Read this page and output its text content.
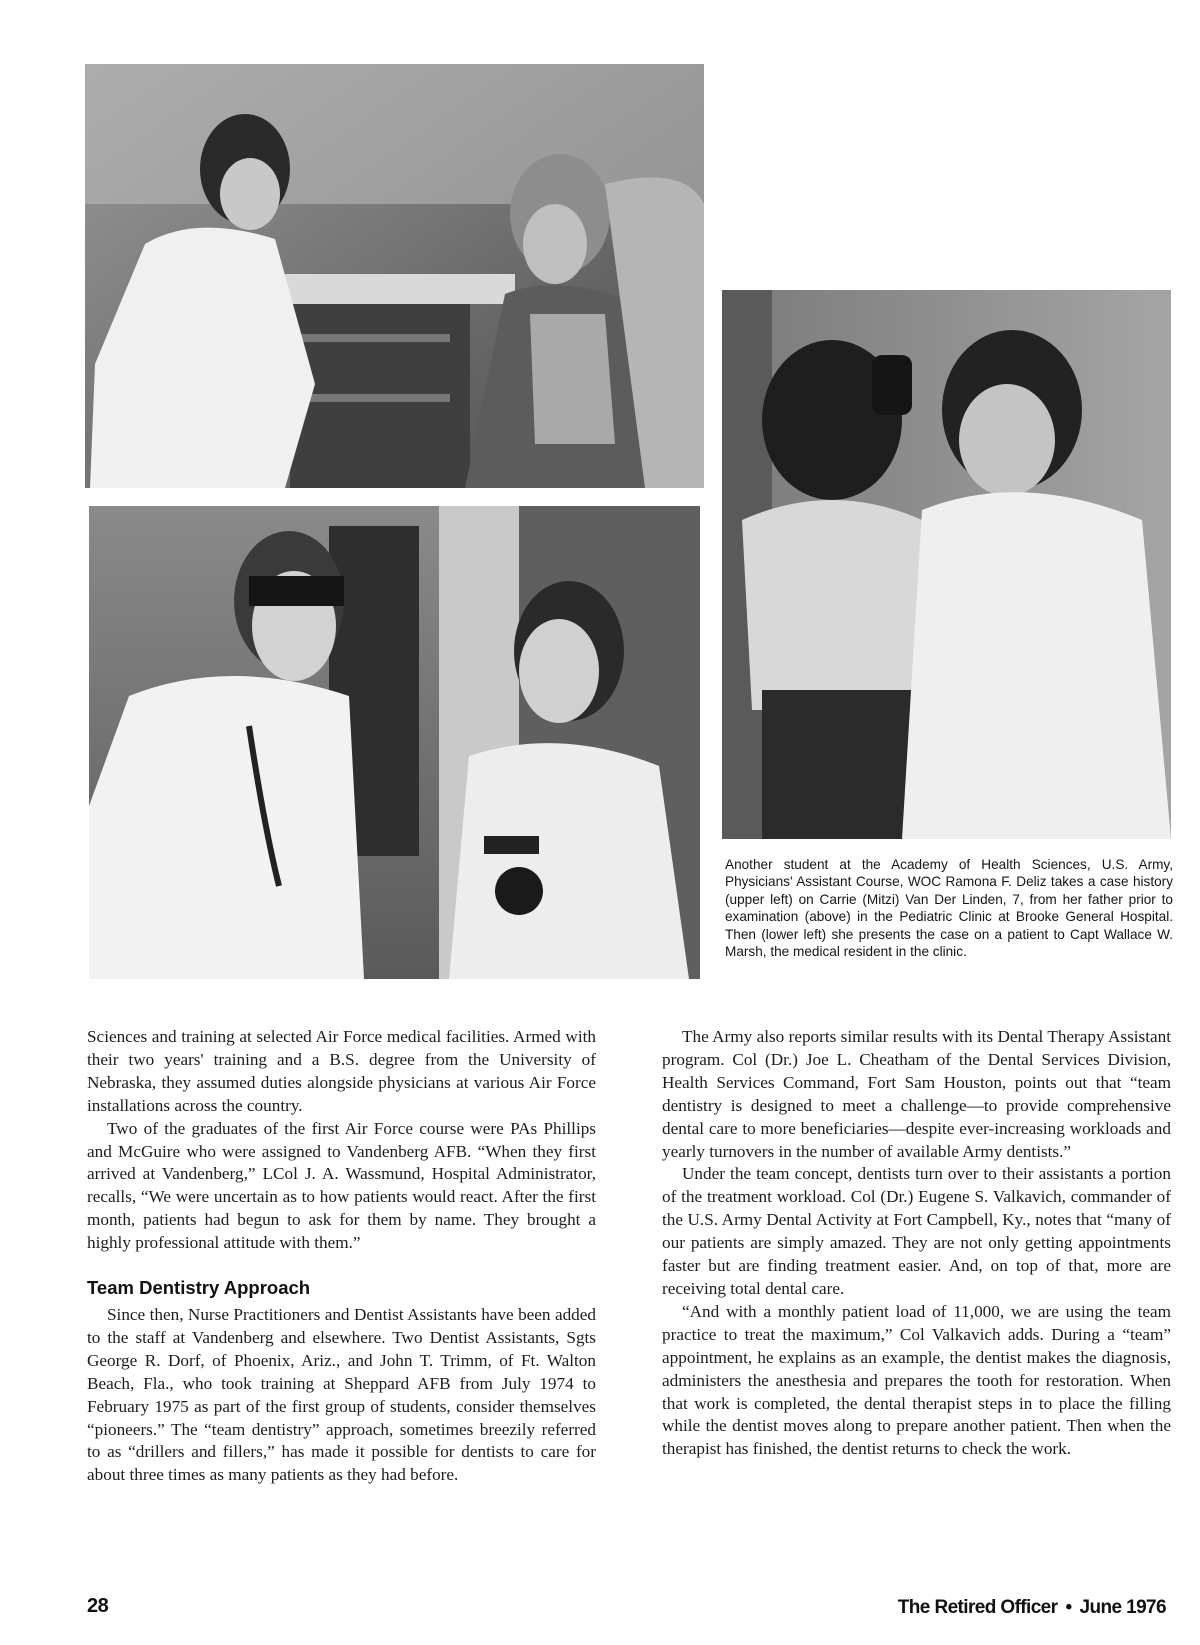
Another student at the Academy of Health Sciences, U.S. Army, Physicians' Assistant Course, WOC Ramona F. Deliz takes a case history (upper left) on Carrie (Mitzi) Van Der Linden, 7, from her father prior to examination (above) in the Pediatric Clinic at Brooke General Hospital. Then (lower left) she presents the case on a patient to Capt Wallace W. Marsh, the medical resident in the clinic.

Sciences and training at selected Air Force medical facilities. Armed with their two years' training and a B.S. degree from the University of Nebraska, they assumed duties alongside physicians at various Air Force installations across the country.

Two of the graduates of the first Air Force course were PAs Phillips and McGuire who were assigned to Vandenberg AFB. “When they first arrived at Vandenberg,” LCol J. A. Wassmund, Hospital Administrator, recalls, “We were uncertain as to how patients would react. After the first month, patients had begun to ask for them by name. They brought a highly professional attitude with them.”

Team Dentistry Approach

Since then, Nurse Practitioners and Dentist Assistants have been added to the staff at Vandenberg and elsewhere. Two Dentist Assistants, Sgts George R. Dorf, of Phoenix, Ariz., and John T. Trimm, of Ft. Walton Beach, Fla., who took training at Sheppard AFB from July 1974 to February 1975 as part of the first group of students, consider themselves “pioneers.” The “team dentistry” approach, sometimes breezily referred to as “drillers and fillers,” has made it possible for dentists to care for about three times as many patients as they had before.

The Army also reports similar results with its Dental Therapy Assistant program. Col (Dr.) Joe L. Cheatham of the Dental Services Division, Health Services Command, Fort Sam Houston, points out that “team dentistry is designed to meet a challenge—to provide comprehensive dental care to more beneficiaries—despite ever-increasing workloads and yearly turnovers in the number of available Army dentists.”

Under the team concept, dentists turn over to their assistants a portion of the treatment workload. Col (Dr.) Eugene S. Valkavich, commander of the U.S. Army Dental Activity at Fort Campbell, Ky., notes that “many of our patients are simply amazed. They are not only getting appointments faster but are finding treatment easier. And, on top of that, more are receiving total dental care.

“And with a monthly patient load of 11,000, we are using the team practice to treat the maximum,” Col Valkavich adds. During a “team” appointment, he explains as an example, the dentist makes the diagnosis, administers the anesthesia and prepares the tooth for restoration. When that work is completed, the dental therapist steps in to place the filling while the dentist moves along to prepare another patient. Then when the therapist has finished, the dentist returns to check the work.

28	The Retired Officer • June 1976
